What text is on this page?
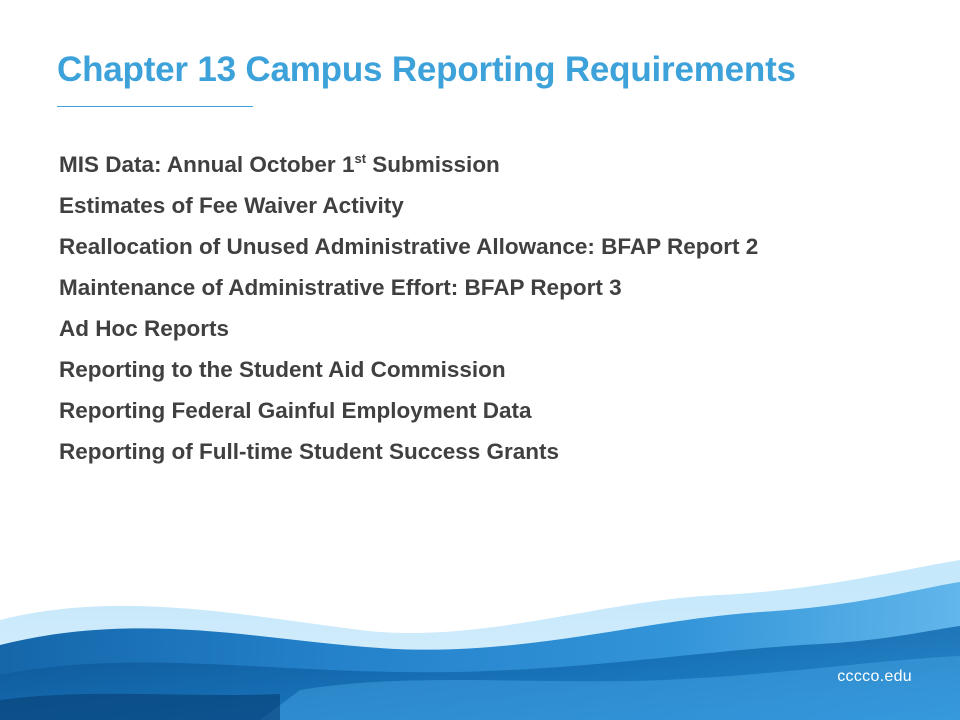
Chapter 13 Campus Reporting Requirements
MIS Data: Annual October 1st Submission
Estimates of Fee Waiver Activity
Reallocation of Unused Administrative Allowance: BFAP Report 2
Maintenance of Administrative Effort: BFAP Report 3
Ad Hoc Reports
Reporting to the Student Aid Commission
Reporting Federal Gainful Employment Data
Reporting of Full-time Student Success Grants
cccco.edu
